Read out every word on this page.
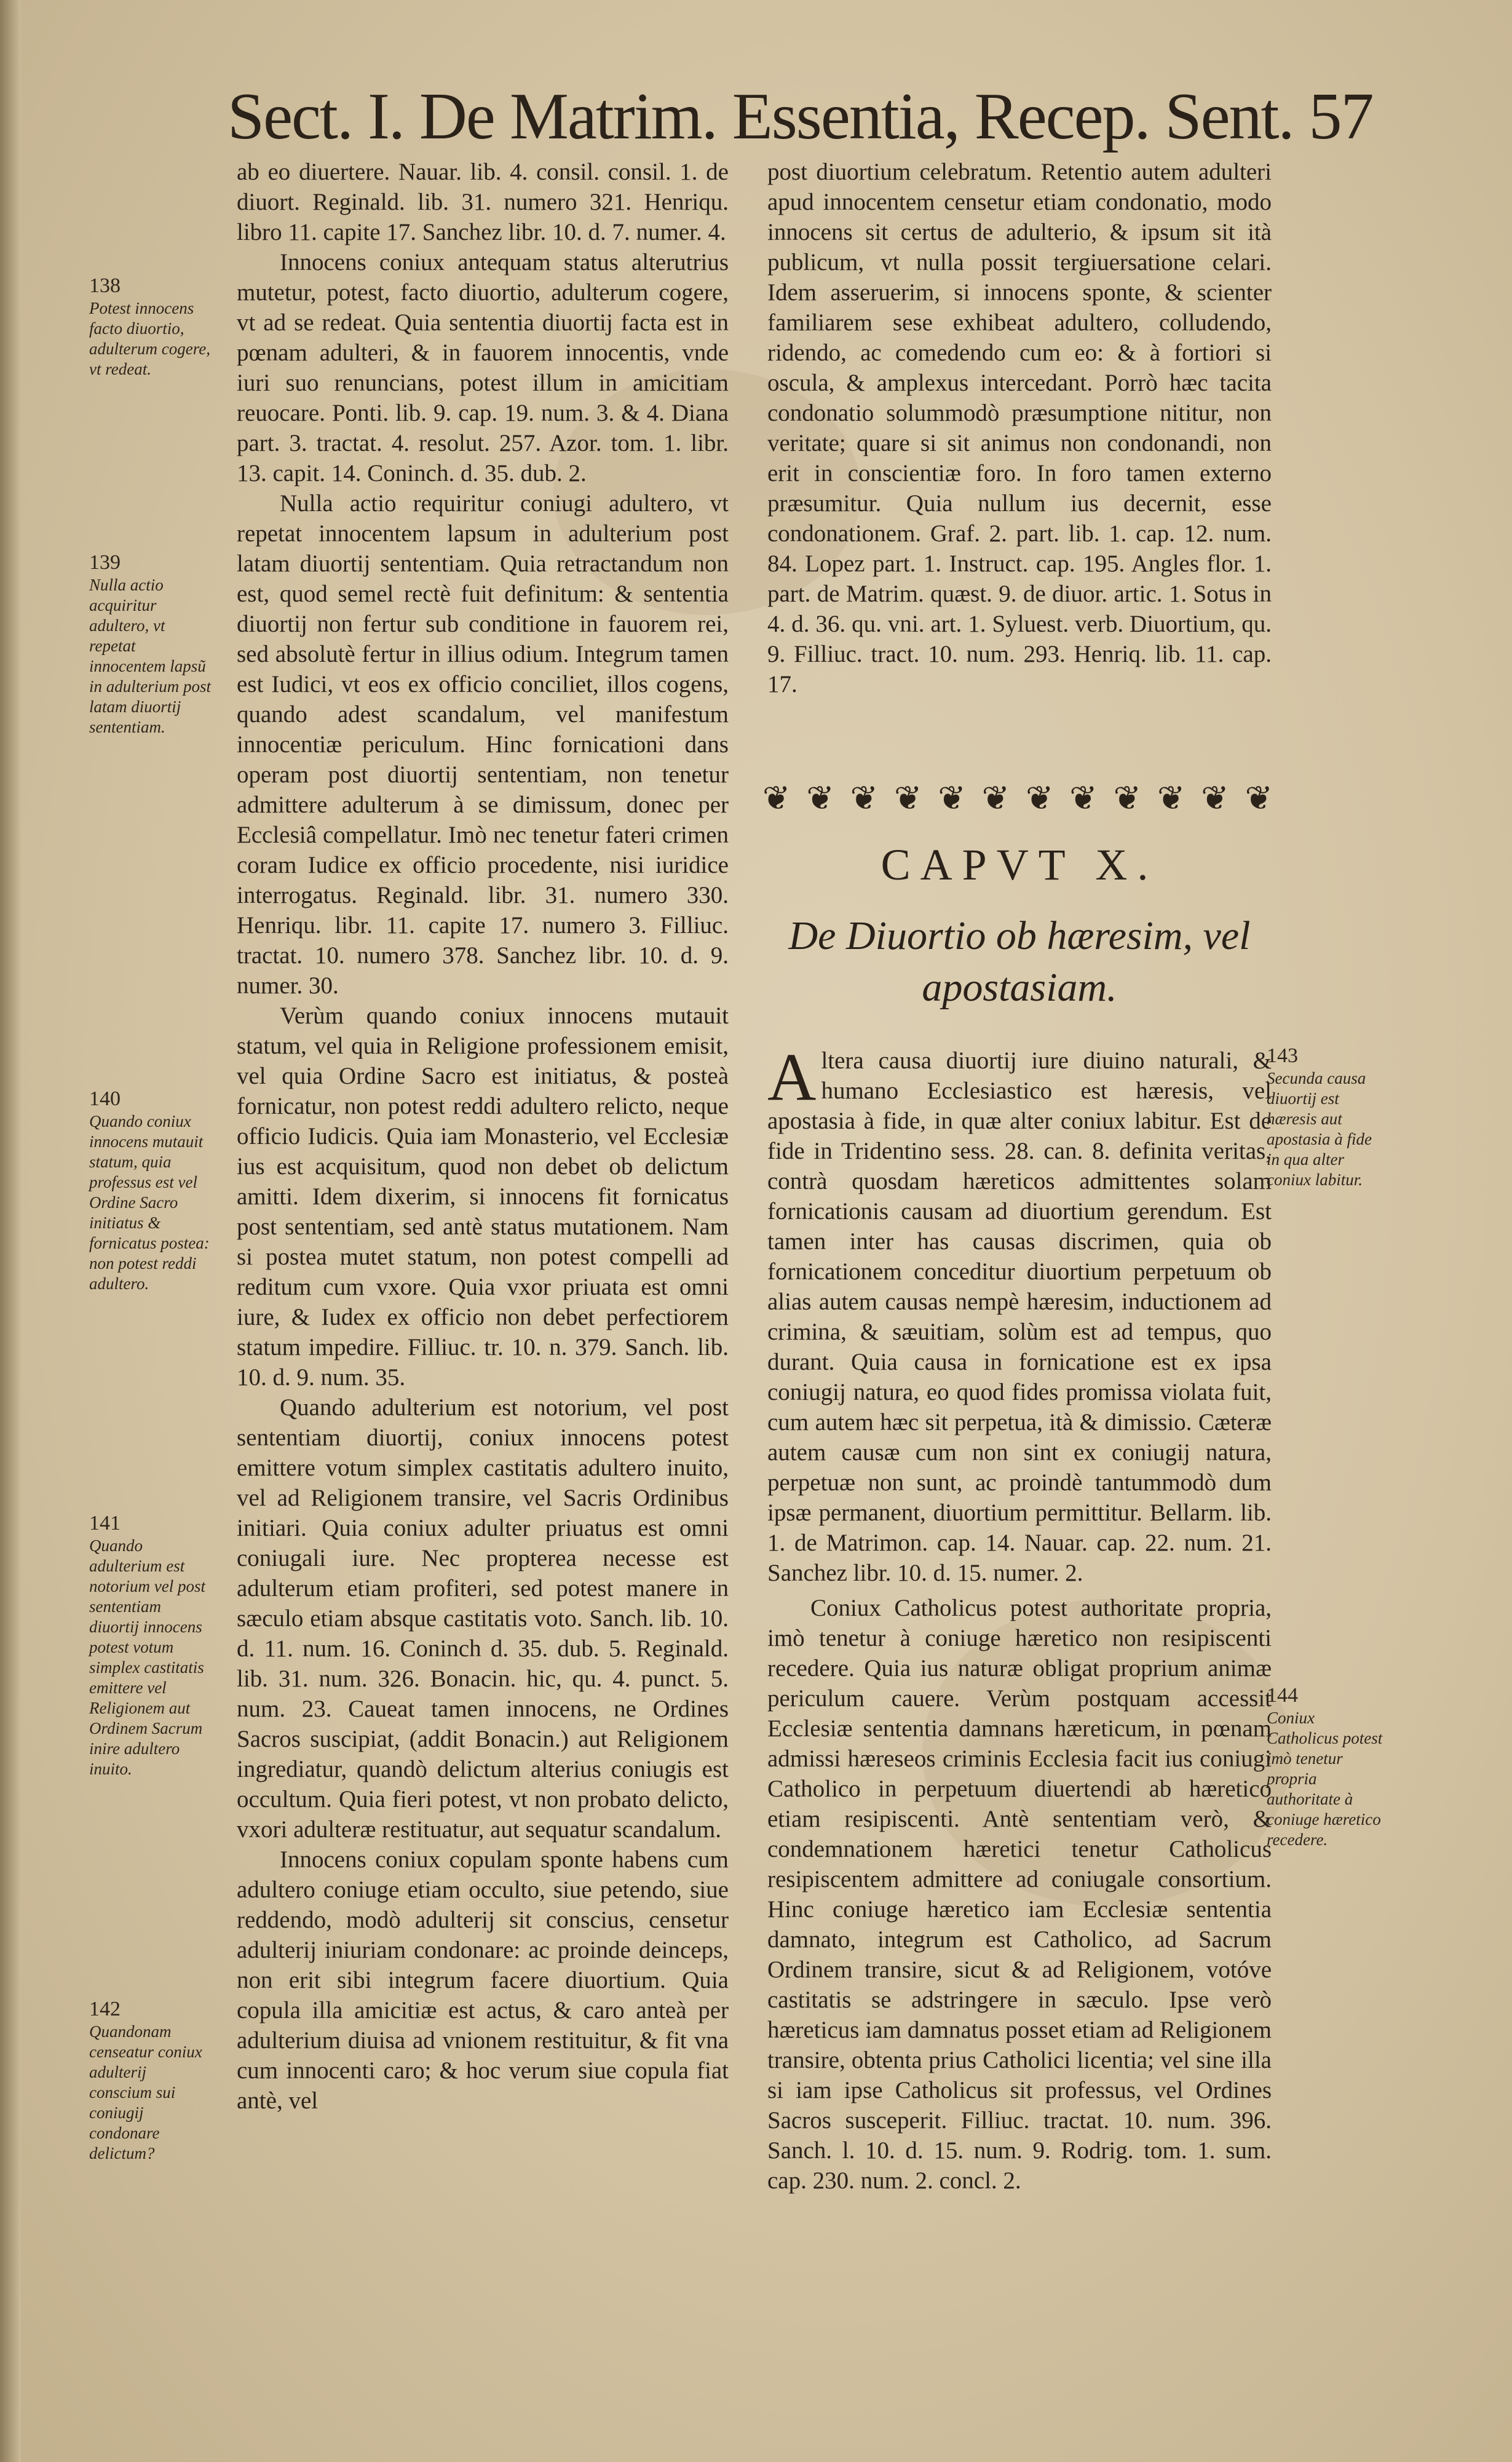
Sect. I. De Matrim. Essentia, Recep. Sent. 57

ab eo diuertere. Nauar. lib. 4. consil. consil. 1. de diuort. Reginald. lib. 31. numero 321. Henriqu. libro 11. capite 17. Sanchez libr. 10. d. 7. numer. 4.

Innocens coniux antequam status alterutrius mutetur, potest, facto diuortio, adulterum cogere, vt ad se redeat. Quia sententia diuortij facta est in pœnam adulteri, & in fauorem innocentis, vnde iuri suo renuncians, potest illum in amicitiam reuocare. Ponti. lib. 9. cap. 19. num. 3. & 4. Diana part. 3. tractat. 4. resolut. 257. Azor. tom. 1. libr. 13. capit. 14. Coninch. d. 35. dub. 2.

Nulla actio requiritur coniugi adultero, vt repetat innocentem lapsum in adulterium post latam diuortij sententiam. Quia retractandum non est, quod semel rectè fuit definitum: & sententia diuortij non fertur sub conditione in fauorem rei, sed absolutè fertur in illius odium. Integrum tamen est Iudici, vt eos ex officio conciliet, illos cogens, quando adest scandalum, vel manifestum innocentiæ periculum. Hinc fornicationi dans operam post diuortij sententiam, non tenetur admittere adulterum à se dimissum, donec per Ecclesiâ compellatur. Imò nec tenetur fateri crimen coram Iudice ex officio procedente, nisi iuridice interrogatus. Reginald. libr. 31. numero 330. Henriqu. libr. 11. capite 17. numero 3. Filliuc. tractat. 10. numero 378. Sanchez libr. 10. d. 9. numer. 30.

Verùm quando coniux innocens mutauit statum, vel quia in Religione professionem emisit, vel quia Ordine Sacro est initiatus, & posteà fornicatur, non potest reddi adultero relicto, neque officio Iudicis. Quia iam Monasterio, vel Ecclesiæ ius est acquisitum, quod non debet ob delictum amitti. Idem dixerim, si innocens fit fornicatus post sententiam, sed antè status mutationem. Nam si postea mutet statum, non potest compelli ad reditum cum vxore. Quia vxor priuata est omni iure, & Iudex ex officio non debet perfectiorem statum impedire. Filliuc. tr. 10. n. 379. Sanch. lib. 10. d. 9. num. 35.

Quando adulterium est notorium, vel post sententiam diuortij, coniux innocens potest emittere votum simplex castitatis adultero inuito, vel ad Religionem transire, vel Sacris Ordinibus initiari. Quia coniux adulter priuatus est omni coniugali iure. Nec propterea necesse est adulterum etiam profiteri, sed potest manere in sæculo etiam absque castitatis voto. Sanch. lib. 10. d. 11. num. 16. Coninch d. 35. dub. 5. Reginald. lib. 31. num. 326. Bonacin. hic, qu. 4. punct. 5. num. 23. Caueat tamen innocens, ne Ordines Sacros suscipiat, (addit Bonacin.) aut Religionem ingrediatur, quandò delictum alterius coniugis est occultum. Quia fieri potest, vt non probato delicto, vxori adulteræ restituatur, aut sequatur scandalum.

Innocens coniux copulam sponte habens cum adultero coniuge etiam occulto, siue petendo, siue reddendo, modò adulterij sit conscius, censetur adulterij iniuriam condonare: ac proinde deinceps, non erit sibi integrum facere diuortium. Quia copula illa amicitiæ est actus, & caro anteà per adulterium diuisa ad vnionem restituitur, & fit vna cum innocenti caro; & hoc verum siue copula fiat antè, vel

138
Potest innocens facto diuortio, adulterum cogere, vt redeat.
139
Nulla actio acquiritur adultero, vt repetat innocentem lapsũ in adulterium post latam diuortij sententiam.
140
Quando coniux innocens mutauit statum, quia professus est vel Ordine Sacro initiatus & fornicatus postea: non potest reddi adultero.
141
Quando adulterium est notorium vel post sententiam diuortij innocens potest votum simplex castitatis emittere vel Religionem aut Ordinem Sacrum inire adultero inuito.
142
Quandonam censeatur coniux adulterij conscium sui coniugij condonare delictum?

post diuortium celebratum. Retentio autem adulteri apud innocentem censetur etiam condonatio, modo innocens sit certus de adulterio, & ipsum sit ità publicum, vt nulla possit tergiuersatione celari. Idem asseruerim, si innocens sponte, & scienter familiarem sese exhibeat adultero, colludendo, ridendo, ac comedendo cum eo: & à fortiori si oscula, & amplexus intercedant. Porrò hæc tacita condonatio solummodò præsumptione nititur, non veritate; quare si sit animus non condonandi, non erit in conscientiæ foro. In foro tamen externo præsumitur. Quia nullum ius decernit, esse condonationem. Graf. 2. part. lib. 1. cap. 12. num. 84. Lopez part. 1. Instruct. cap. 195. Angles flor. 1. part. de Matrim. quæst. 9. de diuor. artic. 1. Sotus in 4. d. 36. qu. vni. art. 1. Syluest. verb. Diuortium, qu. 9. Filliuc. tract. 10. num. 293. Henriq. lib. 11. cap. 17.

❦ ❦ ❦ ❦ ❦ ❦ ❦ ❦ ❦ ❦ ❦ ❦
CAPVT X.
De Diuortio ob hæresim, vel apostasiam.

Altera causa diuortij iure diuino naturali, & humano Ecclesiastico est hæresis, vel apostasia à fide, in quæ alter coniux labitur. Est de fide in Tridentino sess. 28. can. 8. definita veritas, contrà quosdam hæreticos admittentes solam fornicationis causam ad diuortium gerendum. Est tamen inter has causas discrimen, quia ob fornicationem conceditur diuortium perpetuum ob alias autem causas nempè hæresim, inductionem ad crimina, & sæuitiam, solùm est ad tempus, quo durant. Quia causa in fornicatione est ex ipsa coniugij natura, eo quod fides promissa violata fuit, cum autem hæc sit perpetua, ità & dimissio. Cæteræ autem causæ cum non sint ex coniugij natura, perpetuæ non sunt, ac proindè tantummodò dum ipsæ permanent, diuortium permittitur. Bellarm. lib. 1. de Matrimon. cap. 14. Nauar. cap. 22. num. 21. Sanchez libr. 10. d. 15. numer. 2.

Coniux Catholicus potest authoritate propria, imò tenetur à coniuge hæretico non resipiscenti recedere. Quia ius naturæ obligat proprium animæ periculum cauere. Verùm postquam accessit Ecclesiæ sententia damnans hæreticum, in pœnam admissi hæreseos criminis Ecclesia facit ius coniugi Catholico in perpetuum diuertendi ab hæretico etiam resipiscenti. Antè sententiam verò, & condemnationem hæretici tenetur Catholicus resipiscentem admittere ad coniugale consortium. Hinc coniuge hæretico iam Ecclesiæ sententia damnato, integrum est Catholico, ad Sacrum Ordinem transire, sicut & ad Religionem, votóve castitatis se adstringere in sæculo. Ipse verò hæreticus iam damnatus posset etiam ad Religionem transire, obtenta prius Catholici licentia; vel sine illa si iam ipse Catholicus sit professus, vel Ordines Sacros susceperit. Filliuc. tractat. 10. num. 396. Sanch. l. 10. d. 15. num. 9. Rodrig. tom. 1. sum. cap. 230. num. 2. concl. 2.

143
Secunda causa diuortij est hæresis aut apostasia à fide in qua alter coniux labitur.
144
Coniux Catholicus potest imò tenetur propria authoritate à coniuge hæretico recedere.
